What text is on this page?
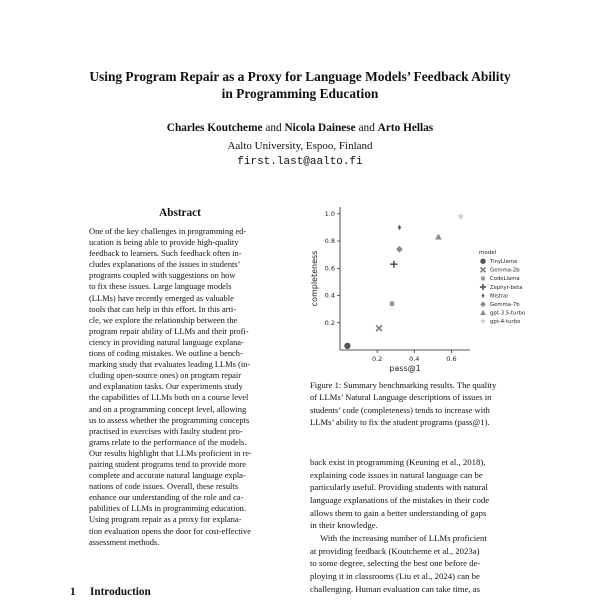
Using Program Repair as a Proxy for Language Models’ Feedback Ability
in Programming Education
Charles Koutcheme and Nicola Dainese and Arto Hellas
Aalto University, Espoo, Finland
first.last@aalto.fi
Abstract
One of the key challenges in programming ed-
ucation is being able to provide high-quality
feedback to learners. Such feedback often in-
cludes explanations of the issues in students’
programs coupled with suggestions on how
to fix these issues. Large language models
(LLMs) have recently emerged as valuable
tools that can help in this effort. In this arti-
cle, we explore the relationship between the
program repair ability of LLMs and their profi-
ciency in providing natural language explana-
tions of coding mistakes. We outline a bench-
marking study that evaluates leading LLMs (in-
cluding open-source ones) on program repair
and explanation tasks. Our experiments study
the capabilities of LLMs both on a course level
and on a programming concept level, allowing
us to assess whether the programming concepts
practised in exercises with faulty student pro-
grams relate to the performance of the models.
Our results highlight that LLMs proficient in re-
pairing student programs tend to provide more
complete and accurate natural language expla-
nations of code issues. Overall, these results
enhance our understanding of the role and ca-
pabilities of LLMs in programming education.
Using program repair as a proxy for explana-
tion evaluation opens the door for cost-effective
assessment methods.
1 Introduction
0.2	0.4	0.6
0.2
0.4
0.6
0.8
1.0
pass@1
completeness	model
TinyLlama
Gemma-2b
CodeLlama
Zephyr-beta
Mistral
Gemma-7b
gpt-3.5-turbo
gpt-4-turbo
Figure 1: Summary benchmarking results. The quality
of LLMs’ Natural Language descriptions of issues in
students’ code (completeness) tends to increase with
LLMs’ ability to fix the student programs (pass@1).
back exist in programming (Keuning et al., 2018),
explaining code issues in natural language can be
particularly useful. Providing students with natural
language explanations of the mistakes in their code
allows them to gain a better understanding of gaps
in their knowledge.
With the increasing number of LLMs proficient
at providing feedback (Koutcheme et al., 2023a)
to some degree, selecting the best one before de-
ploying it in classrooms (Liu et al., 2024) can be
challenging. Human evaluation can take time, as
